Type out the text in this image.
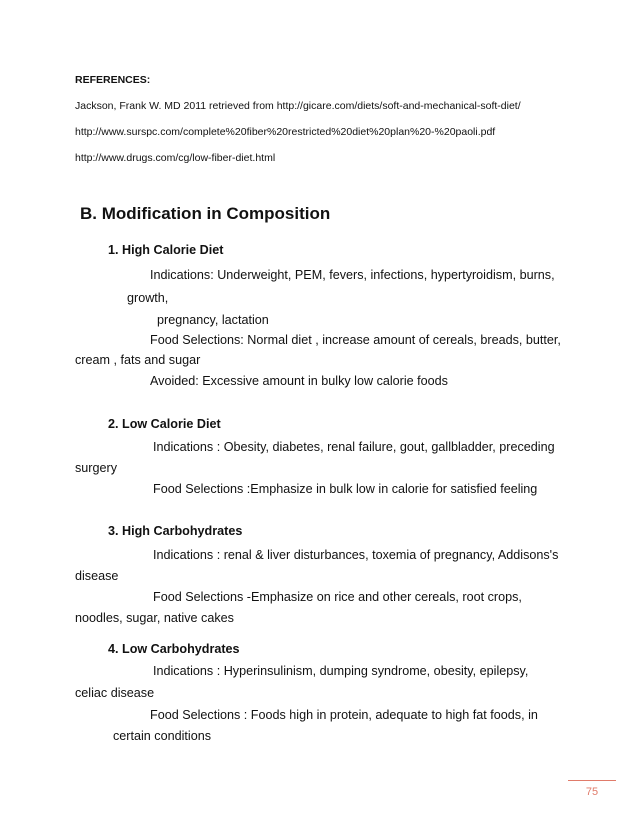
REFERENCES:
Jackson, Frank W. MD 2011 retrieved from http://gicare.com/diets/soft-and-mechanical-soft-diet/
http://www.surspc.com/complete%20fiber%20restricted%20diet%20plan%20-%20paoli.pdf
http://www.drugs.com/cg/low-fiber-diet.html
B. Modification in Composition
1. High Calorie Diet
Indications: Underweight, PEM, fevers, infections, hypertyroidism, burns,
growth,
pregnancy, lactation
Food Selections: Normal diet , increase amount of cereals, breads, butter,
cream , fats and sugar
Avoided: Excessive amount in bulky low calorie foods
2. Low Calorie Diet
Indications : Obesity, diabetes, renal failure, gout, gallbladder, preceding
surgery
Food Selections :Emphasize in bulk low in calorie for satisfied feeling
3. High Carbohydrates
Indications : renal & liver disturbances, toxemia of pregnancy, Addisons's
disease
Food Selections -Emphasize on rice and other cereals, root crops,
noodles, sugar, native cakes
4. Low Carbohydrates
Indications : Hyperinsulinism, dumping syndrome, obesity, epilepsy,
celiac disease
Food Selections : Foods high in protein, adequate to high fat foods, in
certain conditions
75
